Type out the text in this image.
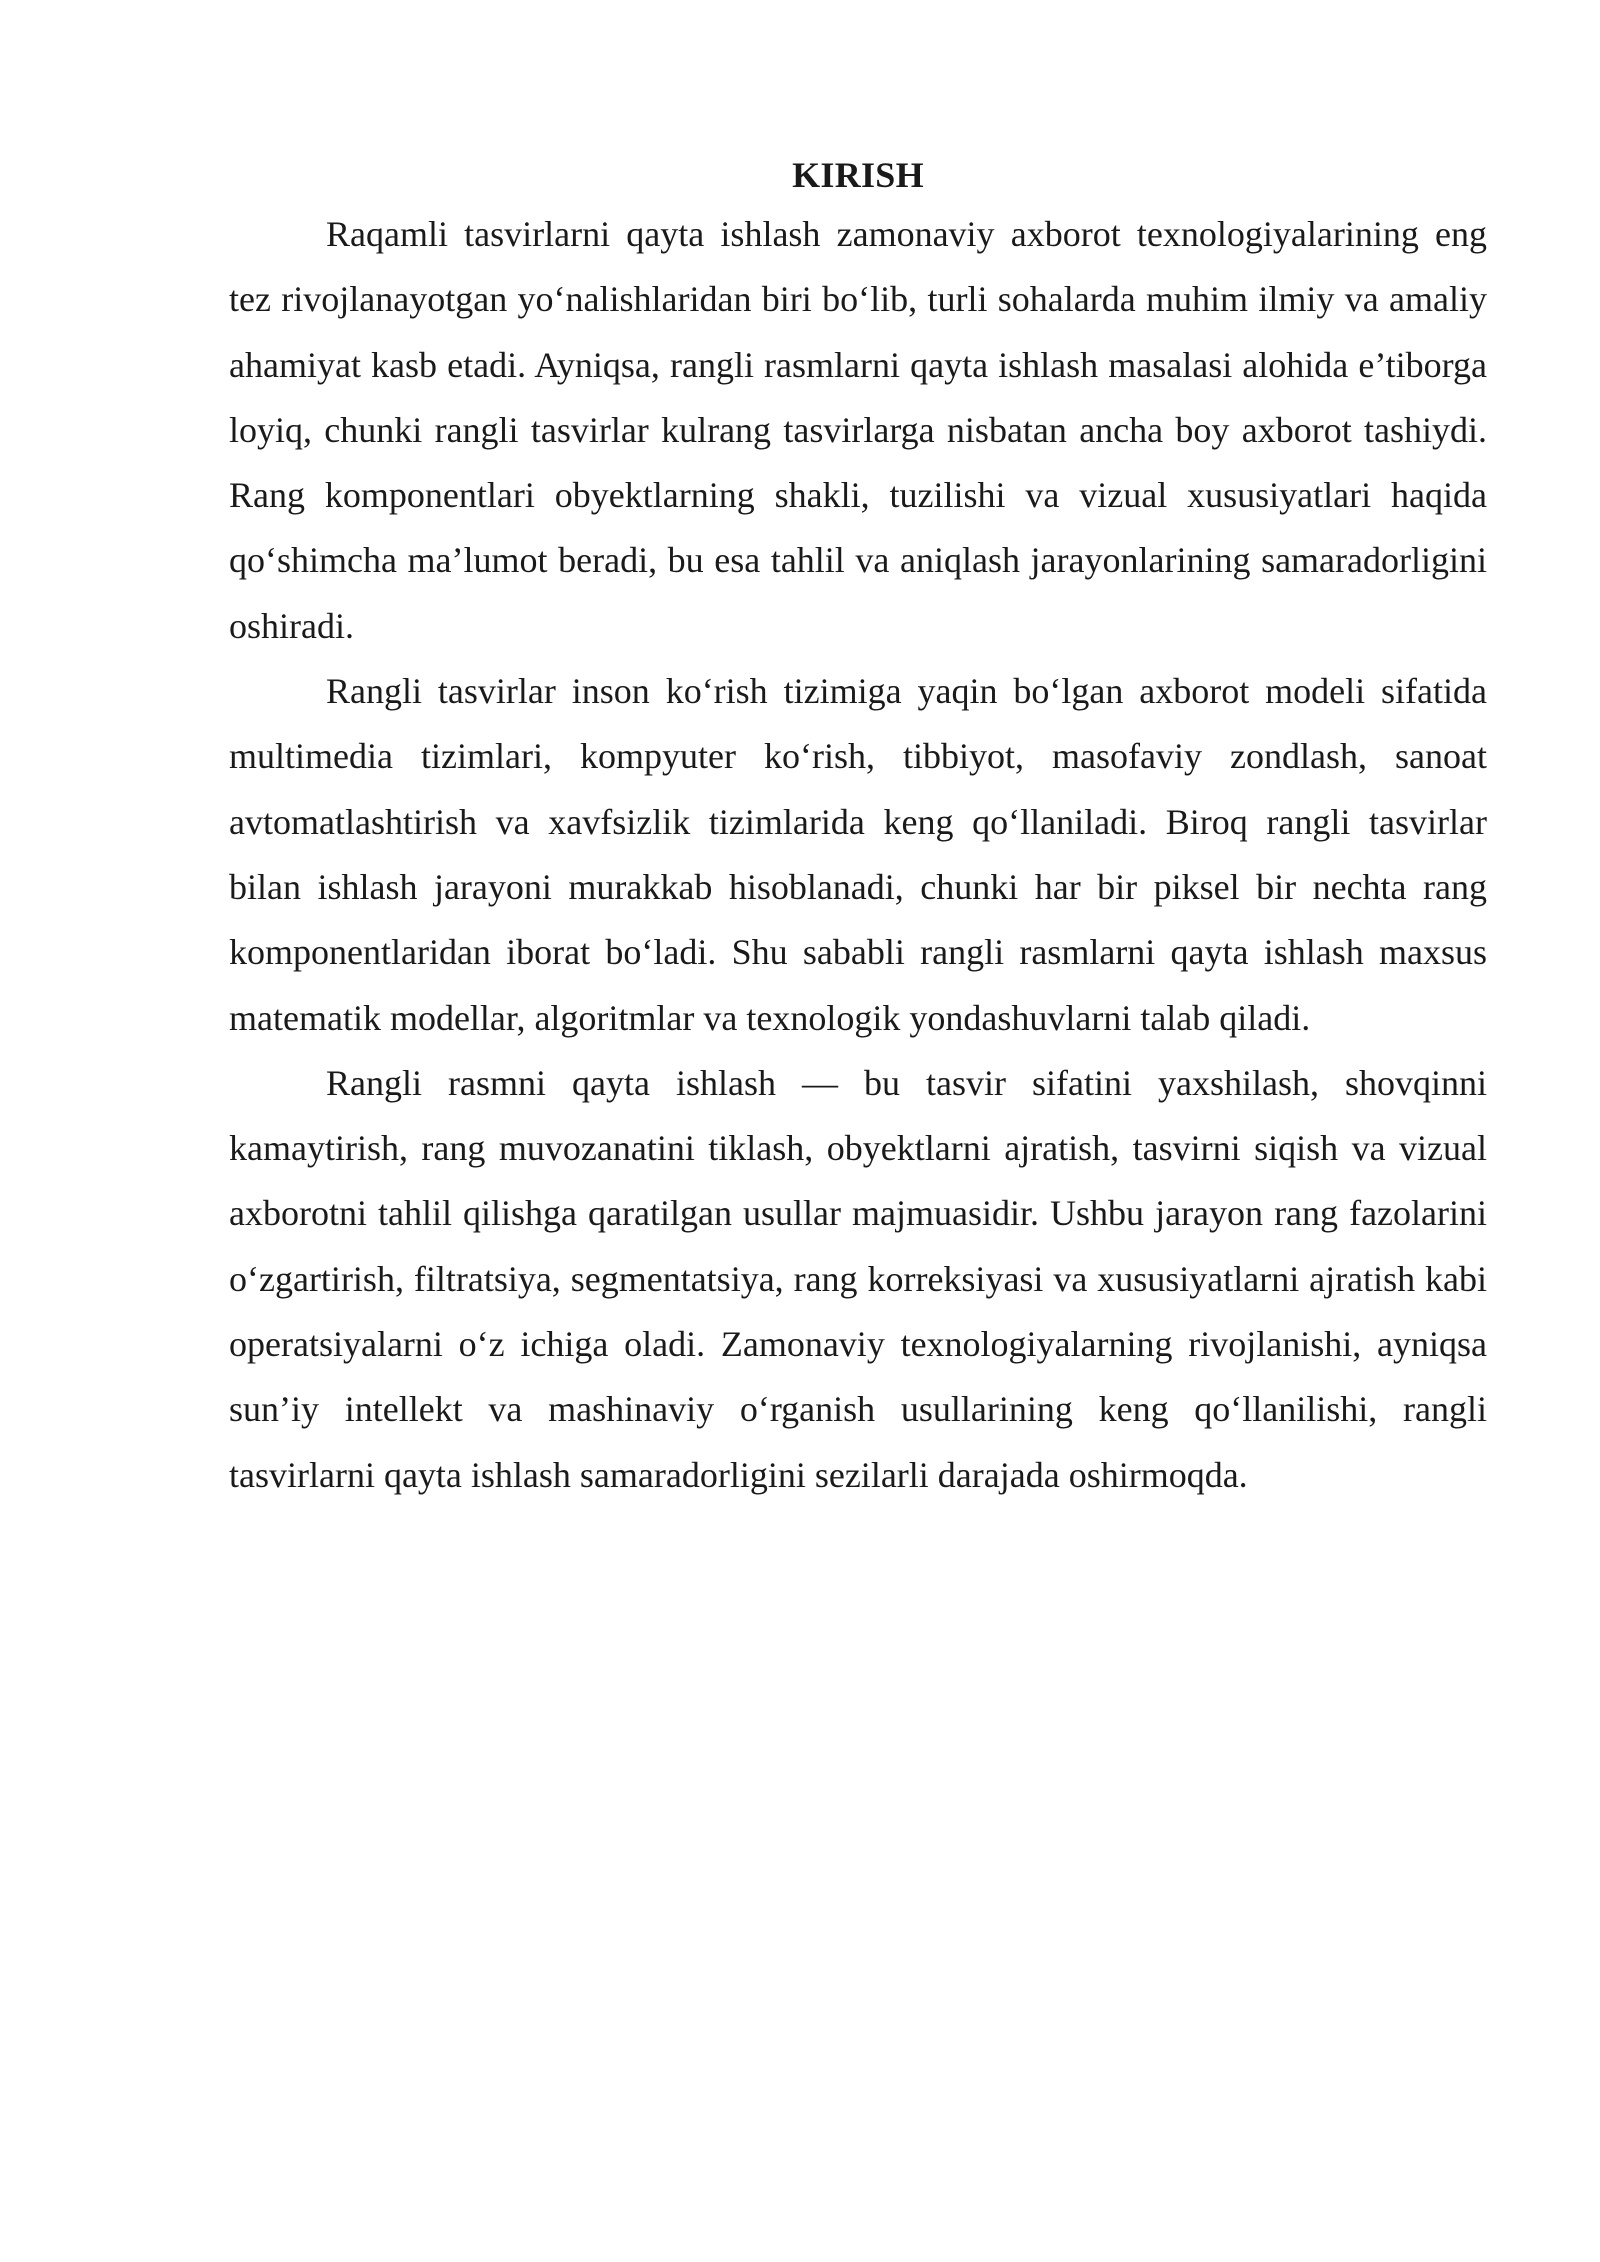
KIRISH

Raqamli tasvirlarni qayta ishlash zamonaviy axborot texnologiyalarining eng tez rivojlanayotgan yo‘nalishlaridan biri bo‘lib, turli sohalarda muhim ilmiy va amaliy ahamiyat kasb etadi. Ayniqsa, rangli rasmlarni qayta ishlash masalasi alohida e’tiborga loyiq, chunki rangli tasvirlar kulrang tasvirlarga nisbatan ancha boy axborot tashiydi. Rang komponentlari obyektlarning shakli, tuzilishi va vizual xususiyatlari haqida qo‘shimcha ma’lumot beradi, bu esa tahlil va aniqlash jarayonlarining samaradorligini oshiradi.

Rangli tasvirlar inson ko‘rish tizimiga yaqin bo‘lgan axborot modeli sifatida multimedia tizimlari, kompyuter ko‘rish, tibbiyot, masofaviy zondlash, sanoat avtomatlashtirish va xavfsizlik tizimlarida keng qo‘llaniladi. Biroq rangli tasvirlar bilan ishlash jarayoni murakkab hisoblanadi, chunki har bir piksel bir nechta rang komponentlaridan iborat bo‘ladi. Shu sababli rangli rasmlarni qayta ishlash maxsus matematik modellar, algoritmlar va texnologik yondashuvlarni talab qiladi.

Rangli rasmni qayta ishlash — bu tasvir sifatini yaxshilash, shovqinni kamaytirish, rang muvozanatini tiklash, obyektlarni ajratish, tasvirni siqish va vizual axborotni tahlil qilishga qaratilgan usullar majmuasidir. Ushbu jarayon rang fazolarini o‘zgartirish, filtratsiya, segmentatsiya, rang korreksiyasi va xususiyatlarni ajratish kabi operatsiyalarni o‘z ichiga oladi. Zamonaviy texnologiyalarning rivojlanishi, ayniqsa sun’iy intellekt va mashinaviy o‘rganish usullarining keng qo‘llanilishi, rangli tasvirlarni qayta ishlash samaradorligini sezilarli darajada oshirmoqda.
